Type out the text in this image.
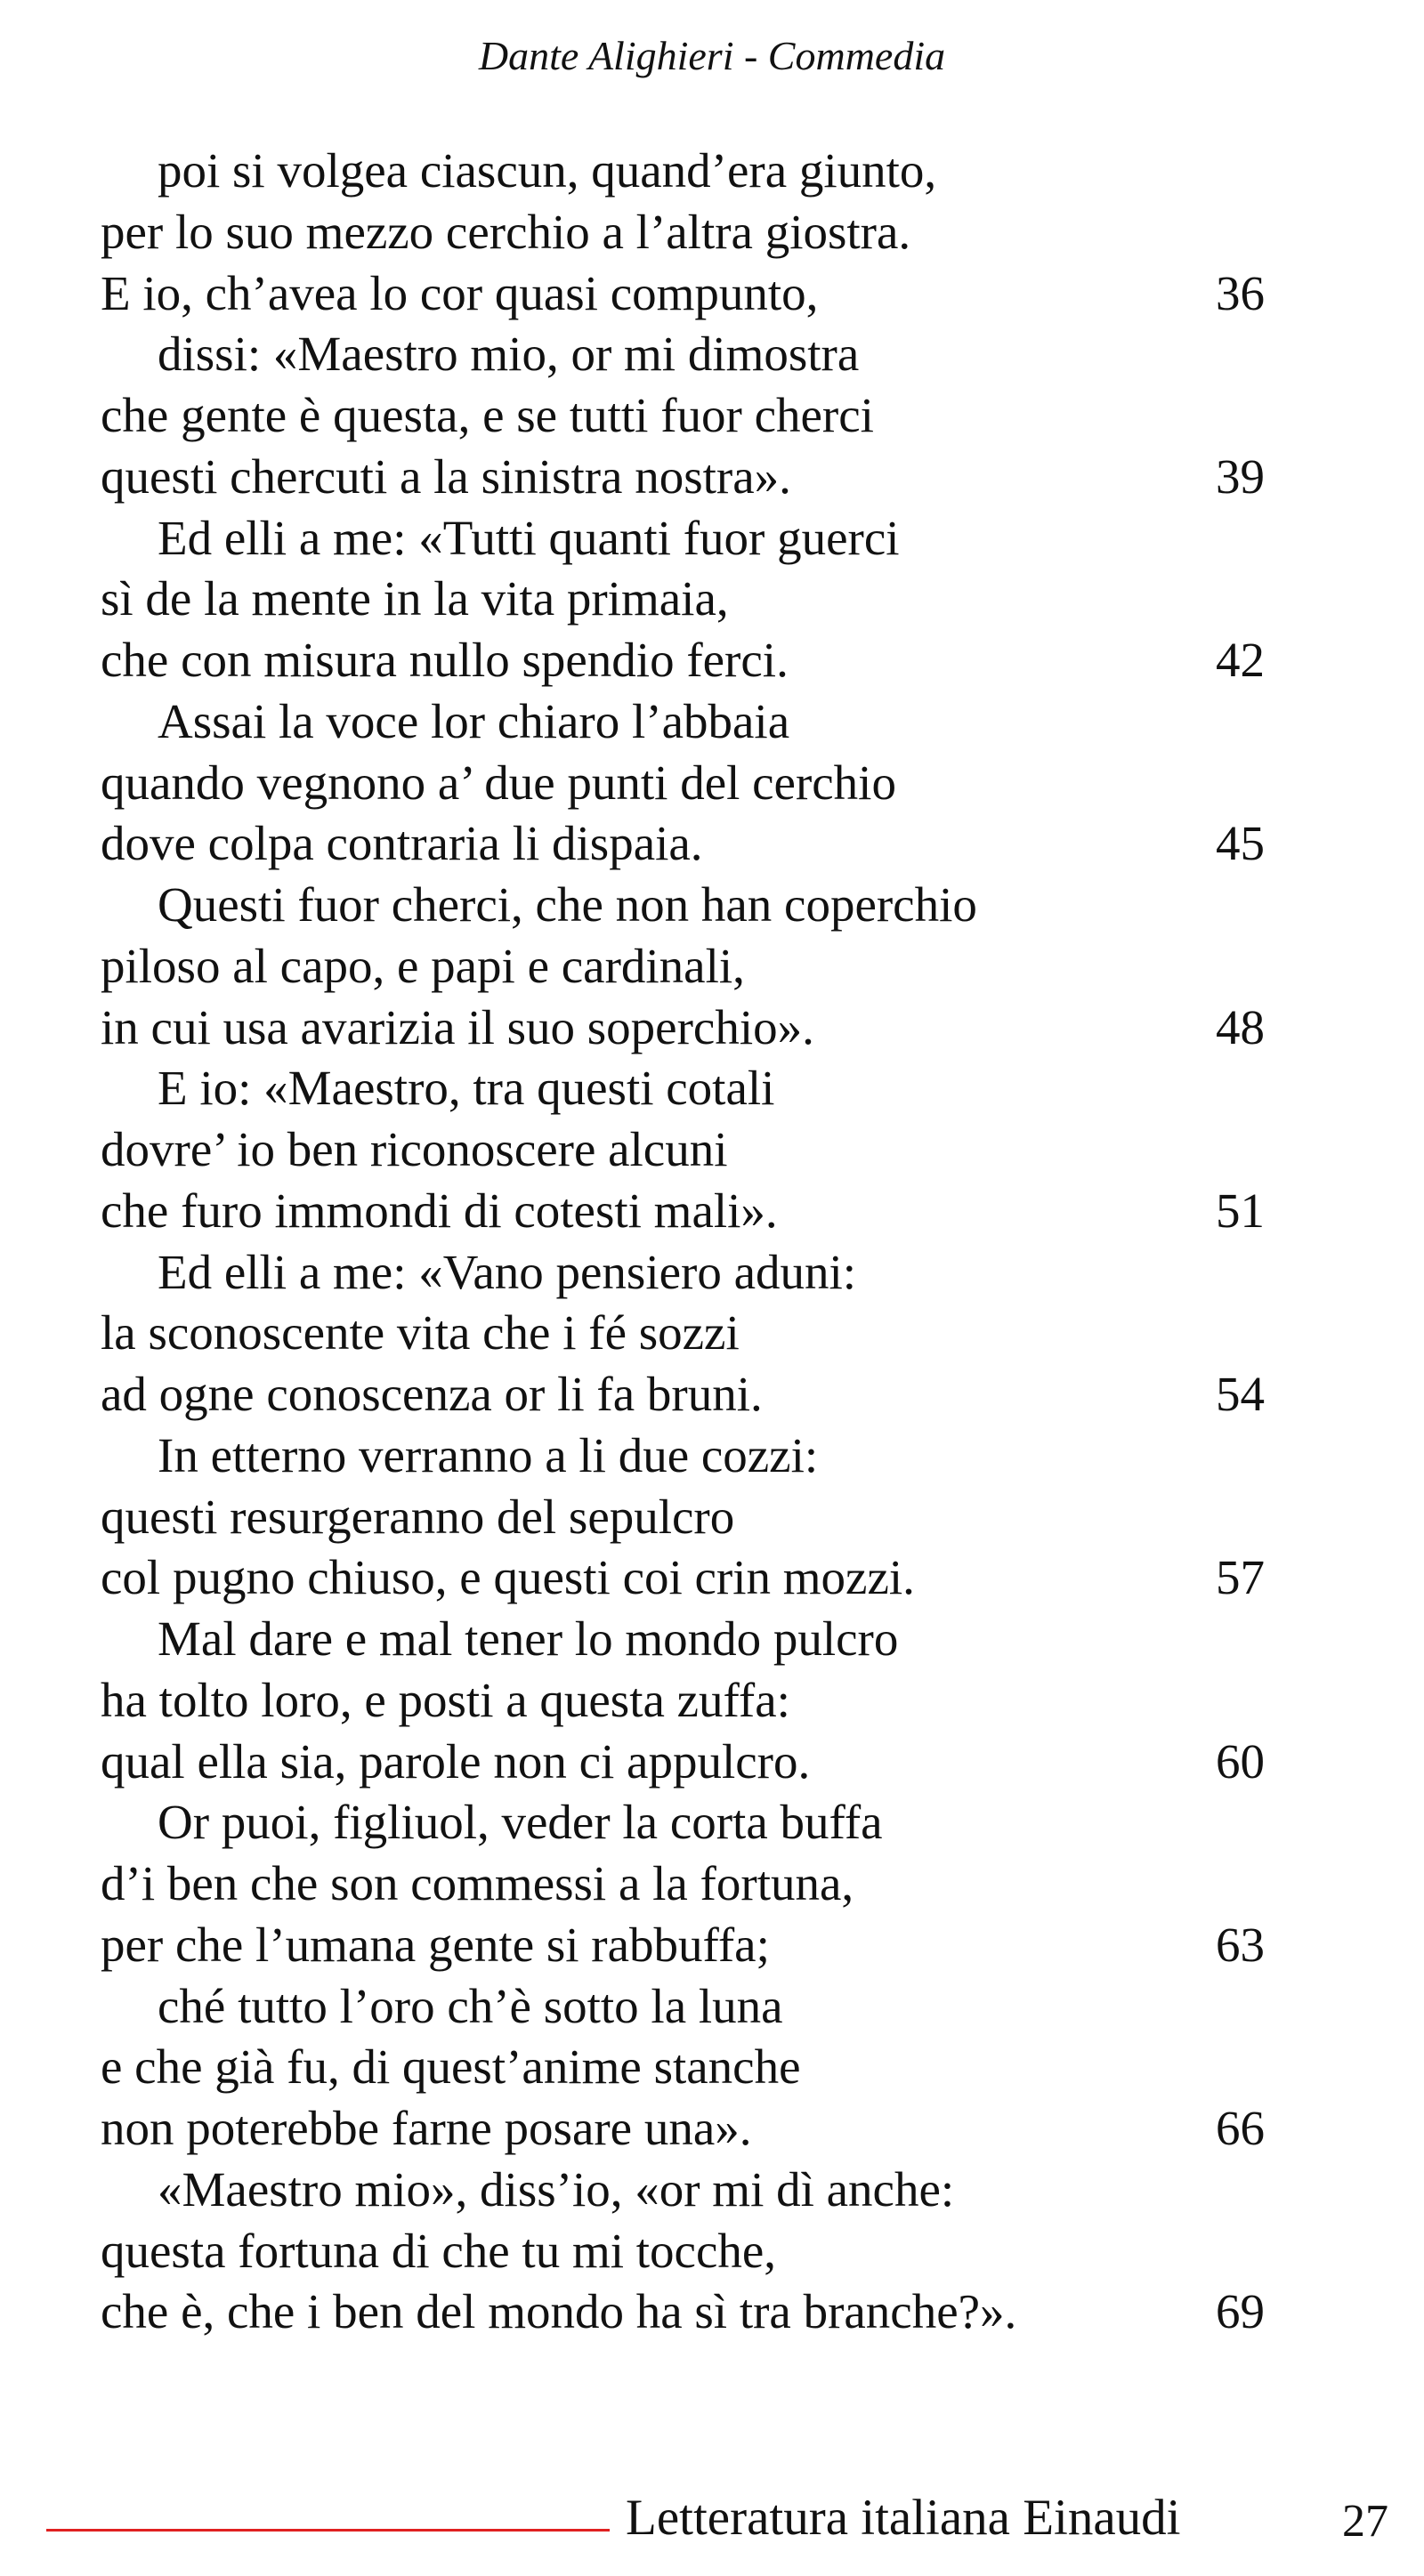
Dante Alighieri - Commedia
poi si volgea ciascun, quand’era giunto,
per lo suo mezzo cerchio a l’altra giostra.
E io, ch’avea lo cor quasi compunto,	36
dissi: «Maestro mio, or mi dimostra
che gente è questa, e se tutti fuor cherci
questi chercuti a la sinistra nostra».	39
Ed elli a me: «Tutti quanti fuor guerci
sì de la mente in la vita primaia,
che con misura nullo spendio ferci.	42
Assai la voce lor chiaro l’abbaia
quando vegnono a’ due punti del cerchio
dove colpa contraria li dispaia.	45
Questi fuor cherci, che non han coperchio
piloso al capo, e papi e cardinali,
in cui usa avarizia il suo soperchio».	48
E io: «Maestro, tra questi cotali
dovre’ io ben riconoscere alcuni
che furo immondi di cotesti mali».	51
Ed elli a me: «Vano pensiero aduni:
la sconoscente vita che i fé sozzi
ad ogne conoscenza or li fa bruni.	54
In etterno verranno a li due cozzi:
questi resurgeranno del sepulcro
col pugno chiuso, e questi coi crin mozzi.	57
Mal dare e mal tener lo mondo pulcro
ha tolto loro, e posti a questa zuffa:
qual ella sia, parole non ci appulcro.	60
Or puoi, figliuol, veder la corta buffa
d’i ben che son commessi a la fortuna,
per che l’umana gente si rabbuffa;	63
ché tutto l’oro ch’è sotto la luna
e che già fu, di quest’anime stanche
non poterebbe farne posare una».	66
«Maestro mio», diss’io, «or mi dì anche:
questa fortuna di che tu mi tocche,
che è, che i ben del mondo ha sì tra branche?».	69
Letteratura italiana Einaudi	27
